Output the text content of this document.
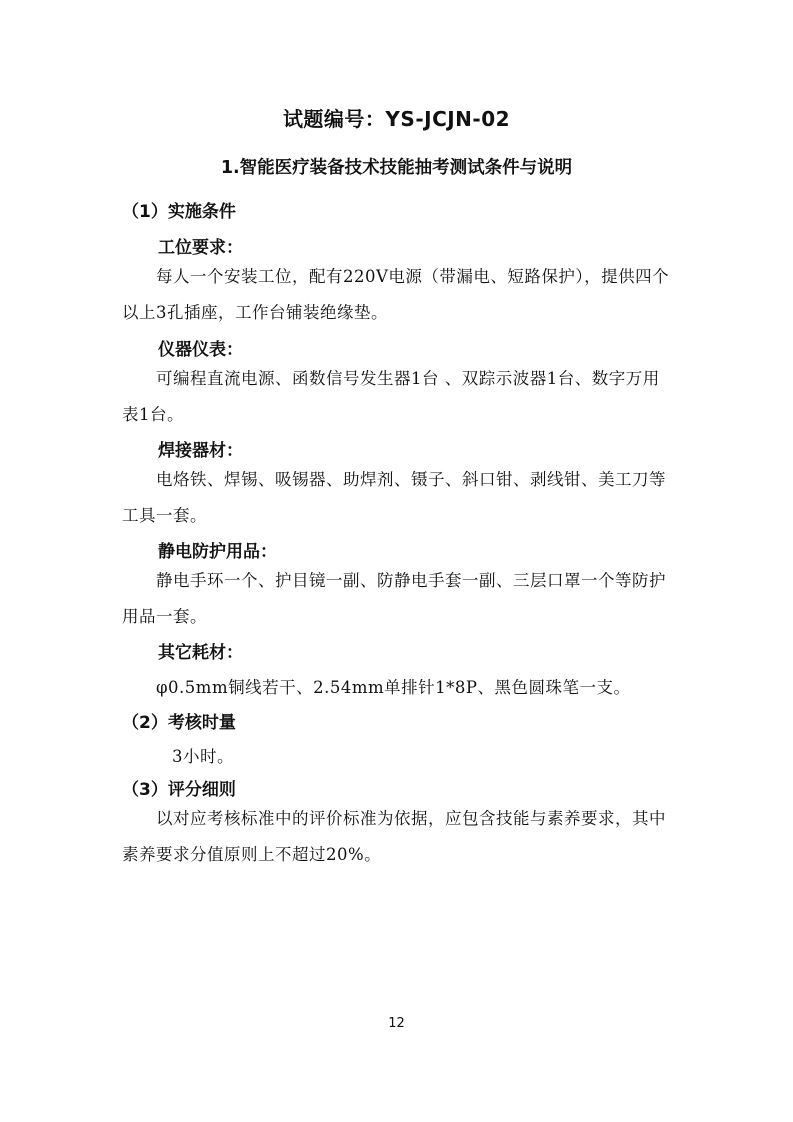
试题编号：YS-JCJN-02
1.智能医疗装备技术技能抽考测试条件与说明
（1）实施条件
工位要求：
每人一个安装工位，配有220V电源（带漏电、短路保护），提供四个以上3孔插座，工作台铺装绝缘垫。
仪器仪表：
可编程直流电源、函数信号发生器1台 、双踪示波器1台、数字万用表1台。
焊接器材：
电烙铁、焊锡、吸锡器、助焊剂、镊子、斜口钳、剥线钳、美工刀等工具一套。
静电防护用品：
静电手环一个、护目镜一副、防静电手套一副、三层口罩一个等防护用品一套。
其它耗材：
φ0.5mm铜线若干、2.54mm单排针1*8P、黑色圆珠笔一支。
（2）考核时量
3小时。
（3）评分细则
以对应考核标准中的评价标准为依据，应包含技能与素养要求，其中素养要求分值原则上不超过20%。
12
